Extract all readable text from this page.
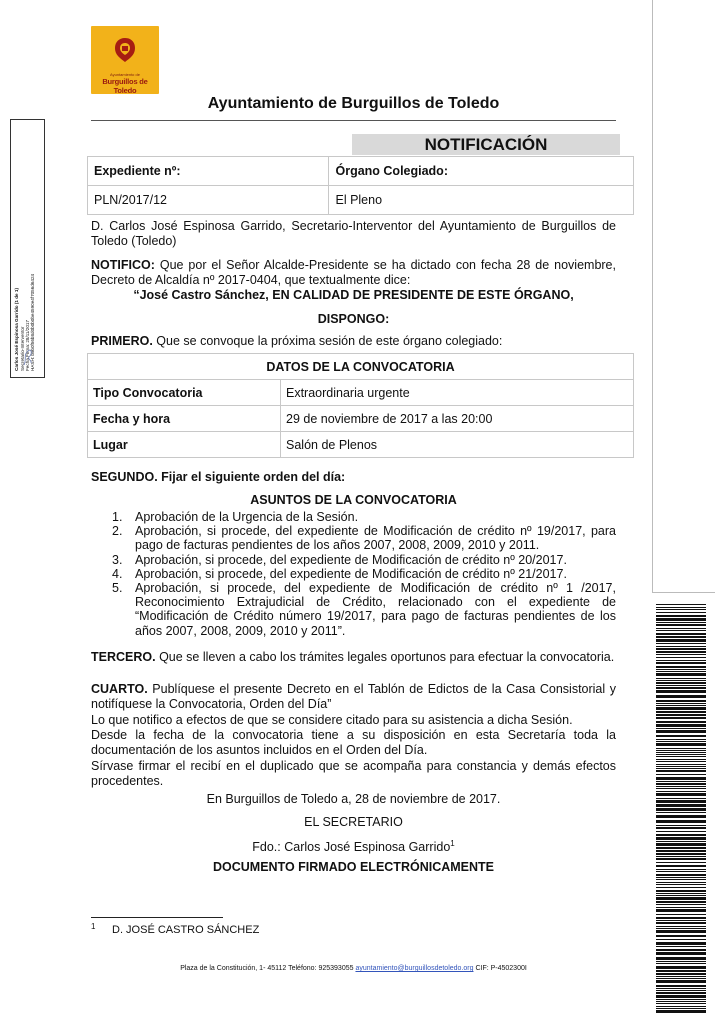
Ayuntamiento de
Burguillos de Toledo
Ayuntamiento de Burguillos de Toledo
NOTIFICACIÓN
Expediente nº:	Órgano Colegiado:
PLN/2017/12	El Pleno
D. Carlos José Espinosa Garrido, Secretario-Interventor del Ayuntamiento de Burguillos de Toledo (Toledo)
NOTIFICO: Que por el Señor Alcalde-Presidente se ha dictado con fecha 28 de noviembre, Decreto de Alcaldía nº 2017-0404, que textualmente dice:
“José Castro Sánchez, EN CALIDAD DE PRESIDENTE DE ESTE ÓRGANO,
DISPONGO:
PRIMERO. Que se convoque la próxima sesión de este órgano colegiado:
DATOS DE LA CONVOCATORIA	
Tipo Convocatoria	Extraordinaria urgente
Fecha y hora	29 de noviembre de 2017 a las 20:00
Lugar	Salón de Plenos
SEGUNDO. Fijar el siguiente orden del día:
ASUNTOS DE LA CONVOCATORIA
1. Aprobación de la Urgencia de la Sesión.
2. Aprobación, si procede, del expediente de Modificación de crédito nº 19/2017, para pago de facturas pendientes de los años 2007, 2008, 2009, 2010 y 2011.
3. Aprobación, si procede, del expediente de Modificación de crédito nº 20/2017.
4. Aprobación, si procede, del expediente de Modificación de crédito nº 21/2017.
5. Aprobación, si procede, del expediente de Modificación de crédito nº 1 /2017, Reconocimiento Extrajudicial de Crédito, relacionado con el expediente de “Modificación de Crédito número 19/2017, para pago de facturas pendientes de los años 2007, 2008, 2009, 2010 y 2011”.
TERCERO. Que se lleven a cabo los trámites legales oportunos para efectuar la convocatoria.
CUARTO. Publíquese el presente Decreto en el Tablón de Edictos de la Casa Consistorial y notifíquese la Convocatoria, Orden del Día”
Lo que notifico a efectos de que se considere citado para su asistencia a dicha Sesión.
Desde la fecha de la convocatoria tiene a su disposición en esta Secretaría toda la documentación de los asuntos incluidos en el Orden del Día.
Sírvase firmar el recibí en el duplicado que se acompaña para constancia y demás efectos procedentes.
En Burguillos de Toledo a, 28 de noviembre de 2017.
EL SECRETARIO
Fdo.: Carlos José Espinosa Garrido$^1$
DOCUMENTO FIRMADO ELECTRÓNICAMENTE
1 D. JOSÉ CASTRO SÁNCHEZ
Plaza de la Constitución, 1- 45112 Teléfono: 925393055 ayuntamiento@burguillosdetoledo.org CIF: P-4502300I
Carlos José Espinosa Garrido (1 de 1) Secretario-Interventor Fecha Firma: 28/11/2017 HASH: b9b0f56b8d0b0b0be4590e4f7056d6424
